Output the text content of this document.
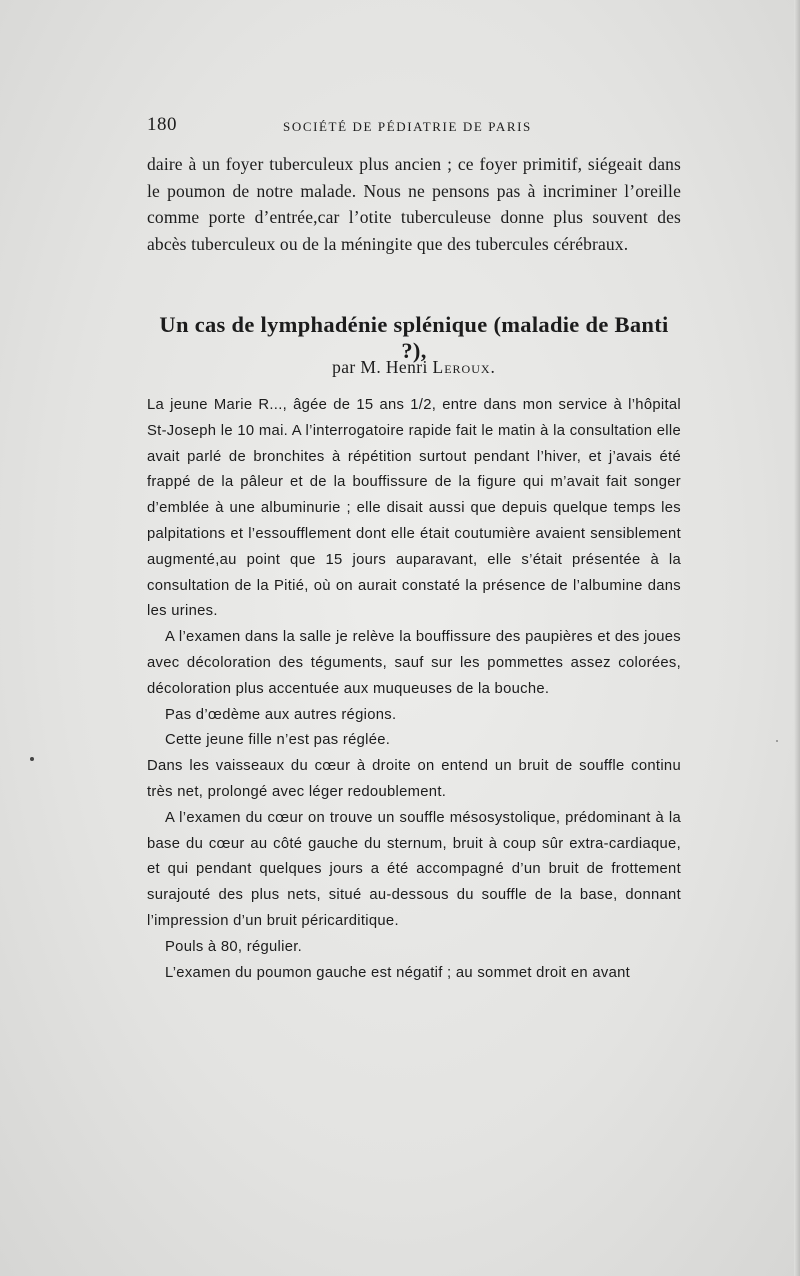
180	SOCIÉTÉ DE PÉDIATRIE DE PARIS

daire à un foyer tuberculeux plus ancien ; ce foyer primitif, siégeait dans le poumon de notre malade. Nous ne pensons pas à incriminer l’oreille comme porte d’entrée,car l’otite tuberculeuse donne plus souvent des abcès tuberculeux ou de la méningite que des tubercules cérébraux.

Un cas de lymphadénie splénique (maladie de Banti ?),
par M. Henri Leroux.

La jeune Marie R..., âgée de 15 ans 1/2, entre dans mon service à l’hôpital St-Joseph le 10 mai. A l’interrogatoire rapide fait le matin à la consultation elle avait parlé de bronchites à répétition surtout pendant l’hiver, et j’avais été frappé de la pâleur et de la bouffissure de la figure qui m’avait fait songer d’emblée à une albuminurie ; elle disait aussi que depuis quelque temps les palpitations et l’essoufflement dont elle était coutumière avaient sensiblement augmenté,au point que 15 jours auparavant, elle s’était présentée à la consultation de la Pitié, où on aurait constaté la présence de l’albumine dans les urines.

A l’examen dans la salle je relève la bouffissure des paupières et des joues avec décoloration des téguments, sauf sur les pommettes assez colorées, décoloration plus accentuée aux muqueuses de la bouche.

Pas d’œdème aux autres régions.

Cette jeune fille n’est pas réglée.

Dans les vaisseaux du cœur à droite on entend un bruit de souffle continu très net, prolongé avec léger redoublement.

A l’examen du cœur on trouve un souffle mésosystolique, prédominant à la base du cœur au côté gauche du sternum, bruit à coup sûr extra-cardiaque, et qui pendant quelques jours a été accompagné d’un bruit de frottement surajouté des plus nets, situé au-dessous du souffle de la base, donnant l’impression d’un bruit péricarditique.

Pouls à 80, régulier.

L’examen du poumon gauche est négatif ; au sommet droit en avant
